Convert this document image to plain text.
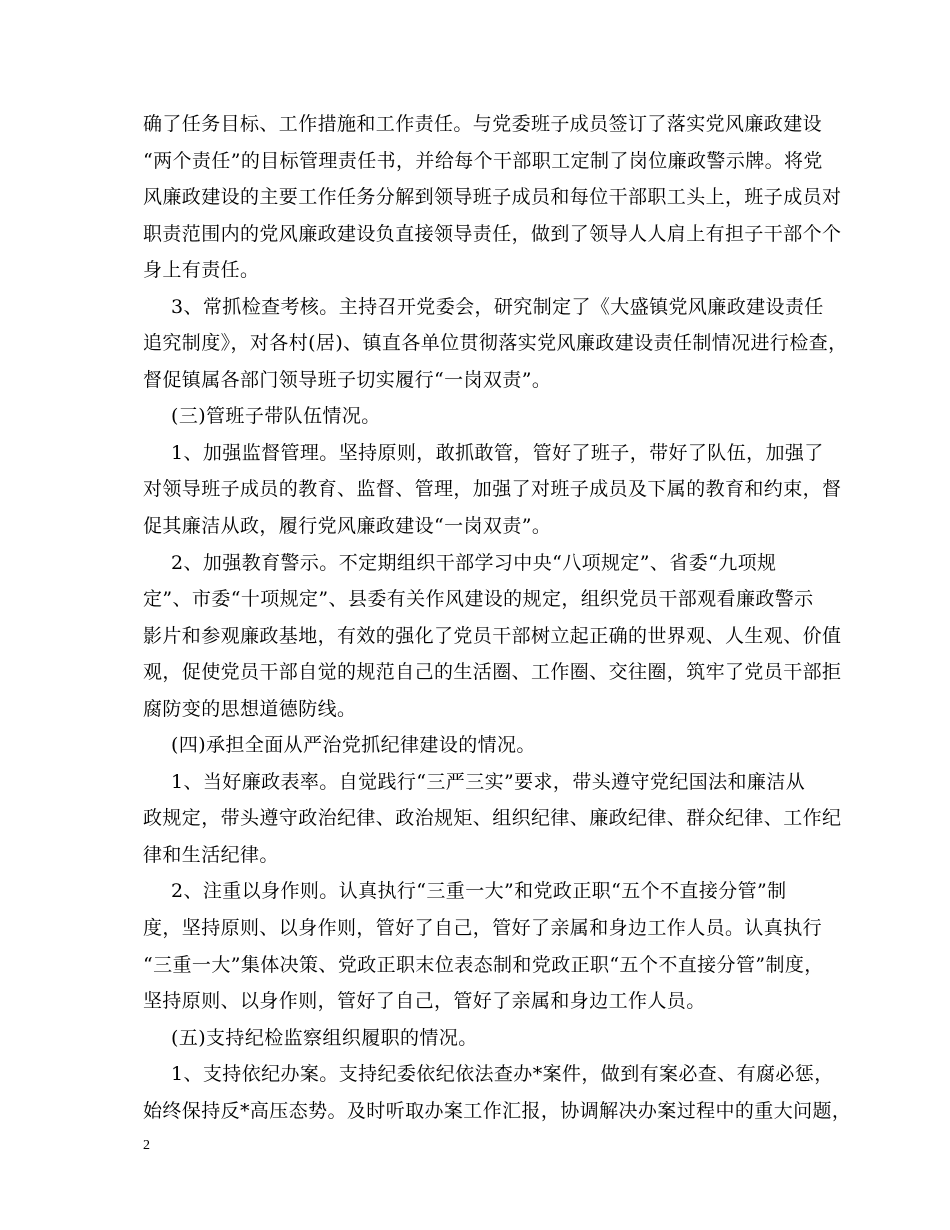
确了任务目标、工作措施和工作责任。与党委班子成员签订了落实党风廉政建设
“两个责任”的目标管理责任书，并给每个干部职工定制了岗位廉政警示牌。将党
风廉政建设的主要工作任务分解到领导班子成员和每位干部职工头上，班子成员对
职责范围内的党风廉政建设负直接领导责任，做到了领导人人肩上有担子干部个个
身上有责任。
3、常抓检查考核。主持召开党委会，研究制定了《大盛镇党风廉政建设责任
追究制度》，对各村(居)、镇直各单位贯彻落实党风廉政建设责任制情况进行检查，
督促镇属各部门领导班子切实履行“一岗双责”。
(三)管班子带队伍情况。
1、加强监督管理。坚持原则，敢抓敢管，管好了班子，带好了队伍，加强了
对领导班子成员的教育、监督、管理，加强了对班子成员及下属的教育和约束，督
促其廉洁从政，履行党风廉政建设“一岗双责”。
2、加强教育警示。不定期组织干部学习中央“八项规定”、省委“九项规
定”、市委“十项规定”、县委有关作风建设的规定，组织党员干部观看廉政警示
影片和参观廉政基地，有效的强化了党员干部树立起正确的世界观、人生观、价值
观，促使党员干部自觉的规范自己的生活圈、工作圈、交往圈，筑牢了党员干部拒
腐防变的思想道德防线。
(四)承担全面从严治党抓纪律建设的情况。
1、当好廉政表率。自觉践行“三严三实”要求，带头遵守党纪国法和廉洁从
政规定，带头遵守政治纪律、政治规矩、组织纪律、廉政纪律、群众纪律、工作纪
律和生活纪律。
2、注重以身作则。认真执行“三重一大”和党政正职“五个不直接分管”制
度，坚持原则、以身作则，管好了自己，管好了亲属和身边工作人员。认真执行
“三重一大”集体决策、党政正职末位表态制和党政正职“五个不直接分管”制度，
坚持原则、以身作则，管好了自己，管好了亲属和身边工作人员。
(五)支持纪检监察组织履职的情况。
1、支持依纪办案。支持纪委依纪依法查办*案件，做到有案必查、有腐必惩，
始终保持反*高压态势。及时听取办案工作汇报，协调解决办案过程中的重大问题，
2
